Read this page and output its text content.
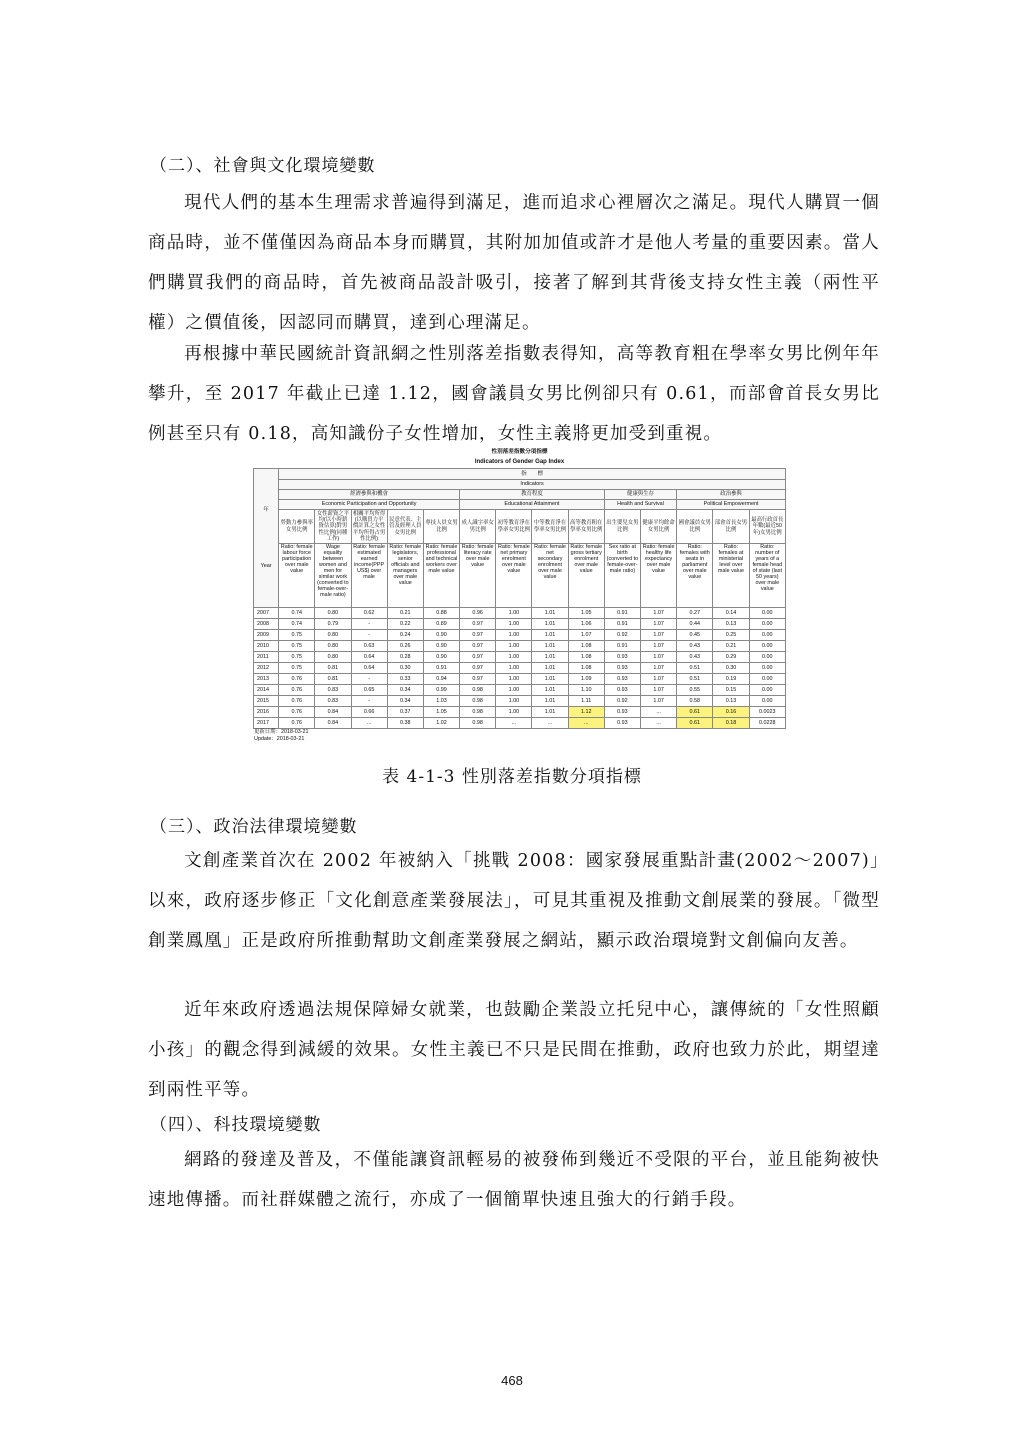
（二）、社會與文化環境變數

現代人們的基本生理需求普遍得到滿足，進而追求心裡層次之滿足。現代人購買一個商品時，並不僅僅因為商品本身而購買，其附加加值或許才是他人考量的重要因素。當人們購買我們的商品時，首先被商品設計吸引，接著了解到其背後支持女性主義（兩性平權）之價值後，因認同而購買，達到心理滿足。

再根據中華民國統計資訊網之性別落差指數表得知，高等教育粗在學率女男比例年年攀升，至 2017 年截止已達 1.12，國會議員女男比例卻只有 0.61，而部會首長女男比例甚至只有 0.18，高知識份子女性增加，女性主義將更加受到重視。

性別落差指數分項指標														
Indicators of Gender Gap Index														

年
Year	指　　標													
	Indicators													
	經濟參與和機會					教育程度				健康與生存		政治參與		
	Economic Participation and Opportunity					Educational Attainment				Health and Survival		Political Empowerment		
	勞動力參與率女男比例	女性薪資之平均(以小時薪資估算)對男性比例(同種工作)	相關平均所得(以購買力平價計算之女性平均所得占男性比例)	民意代表、主管及經理人員女男比例	專技人員女男比例	成人識字率女男比例	初等教育淨在學率女男比例	中等教育淨在學率女男比例	高等教育粗在學率女男比例	出生嬰兒女男比例	健康平均餘命女男比例	國會議員女男比例	部會首長女男比例	最高行政首長年數(最近50年)女男比例
	Ratio: female labour force participation over male value	Wage equality between women and men for similar work (converted to female-over-male ratio)	Ratio: female estimated earned income(PPP US$) over male	Ratio: female legislators, senior officials and managers over male value	Ratio: female professional and technical workers over male value	Ratio: female literacy rate over male value	Ratio: female net primary enrolment over male value	Ratio: female net secondary enrolment over male value	Ratio: female gross tertiary enrolment over male value	Sex ratio at birth (converted to female-over-male ratio)	Ratio: female healthy life expectancy over male value	Ratio: females with seats in parliament over male value	Ratio: females at ministerial level over male value	Ratio: number of years of a female head of state (last 50 years) over male value
2007	0.74	0.80	0.62	0.21	0.88	0.96	1.00	1.01	1.05	0.91	1.07	0.27	0.14	0.00
2008	0.74	0.79	-	0.22	0.89	0.97	1.00	1.01	1.06	0.91	1.07	0.44	0.13	0.00
2009	0.75	0.80	-	0.24	0.90	0.97	1.00	1.01	1.07	0.92	1.07	0.45	0.25	0.00
2010	0.75	0.80	0.63	0.26	0.90	0.97	1.00	1.01	1.08	0.91	1.07	0.43	0.21	0.00
2011	0.75	0.80	0.64	0.28	0.90	0.97	1.00	1.01	1.08	0.93	1.07	0.43	0.29	0.00
2012	0.75	0.81	0.64	0.30	0.91	0.97	1.00	1.01	1.08	0.93	1.07	0.51	0.30	0.00
2013	0.76	0.81	-	0.33	0.94	0.97	1.00	1.01	1.09	0.93	1.07	0.51	0.19	0.00
2014	0.76	0.83	0.65	0.34	0.99	0.98	1.00	1.01	1.10	0.93	1.07	0.55	0.15	0.00
2015	0.76	0.83	-	0.34	1.03	0.98	1.00	1.01	1.11	0.92	1.07	0.58	0.13	0.00
2016	0.76	0.84	0.66	0.37	1.05	0.98	1.00	1.01	1.12	0.93	...	0.61	0.16	0.0023
2017	0.76	0.84	...	0.38	1.02	0.98	...	...	...	0.93	...	0.61	0.18	0.0228
更新日期：2018-03-21
Update：2018-03-21
表 4-1-3 性別落差指數分項指標
（三）、政治法律環境變數

文創產業首次在 2002 年被納入「挑戰 2008：國家發展重點計畫(2002～2007)」以來，政府逐步修正「文化創意產業發展法」，可見其重視及推動文創展業的發展。「微型創業鳳凰」正是政府所推動幫助文創產業發展之網站，顯示政治環境對文創偏向友善。

近年來政府透過法規保障婦女就業，也鼓勵企業設立托兒中心，讓傳統的「女性照顧小孩」的觀念得到減緩的效果。女性主義已不只是民間在推動，政府也致力於此，期望達到兩性平等。

（四）、科技環境變數

網路的發達及普及，不僅能讓資訊輕易的被發佈到幾近不受限的平台，並且能夠被快速地傳播。而社群媒體之流行，亦成了一個簡單快速且強大的行銷手段。

468
